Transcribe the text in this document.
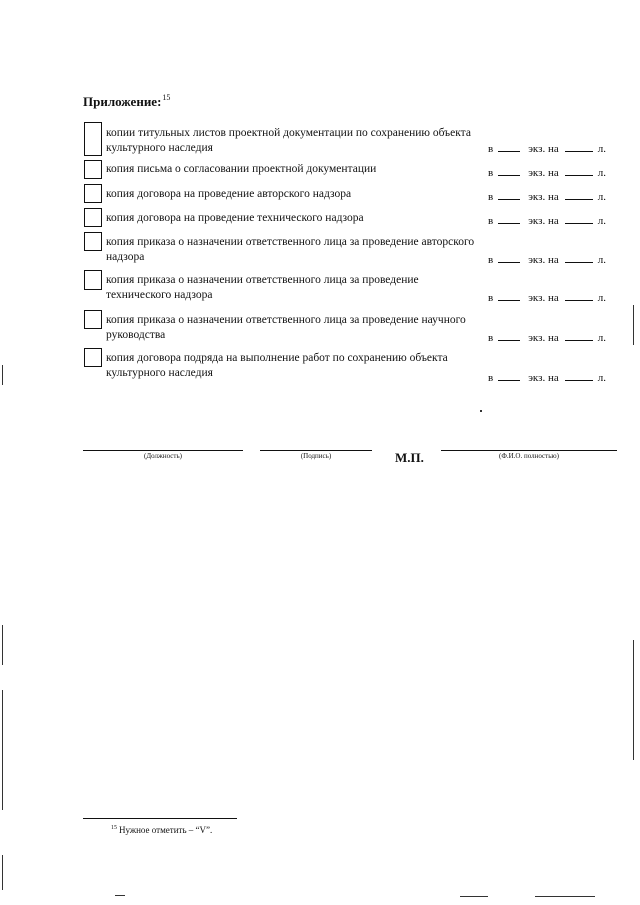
Приложение:$^{15}$
копии титульных листов проектной документации по сохранению объекта культурного наследия	в	экз. на	л.
копия письма о согласовании проектной документации	в	экз. на	л.
копия договора на проведение авторского надзора	в	экз. на	л.
копия договора на проведение технического надзора	в	экз. на	л.
копия приказа о назначении ответственного лица за проведение авторского надзора	в	экз. на	л.
копия приказа о назначении ответственного лица за проведение технического надзора	в	экз. на	л.
копия приказа о назначении ответственного лица за проведение научного руководства	в	экз. на	л.
копия договора подряда на выполнение работ по сохранению объекта культурного наследия	в	экз. на	л.
(Должность)	(Подпись)	М.П.	(Ф.И.О. полностью)
$^{15}$ Нужное отметить – “V”.
